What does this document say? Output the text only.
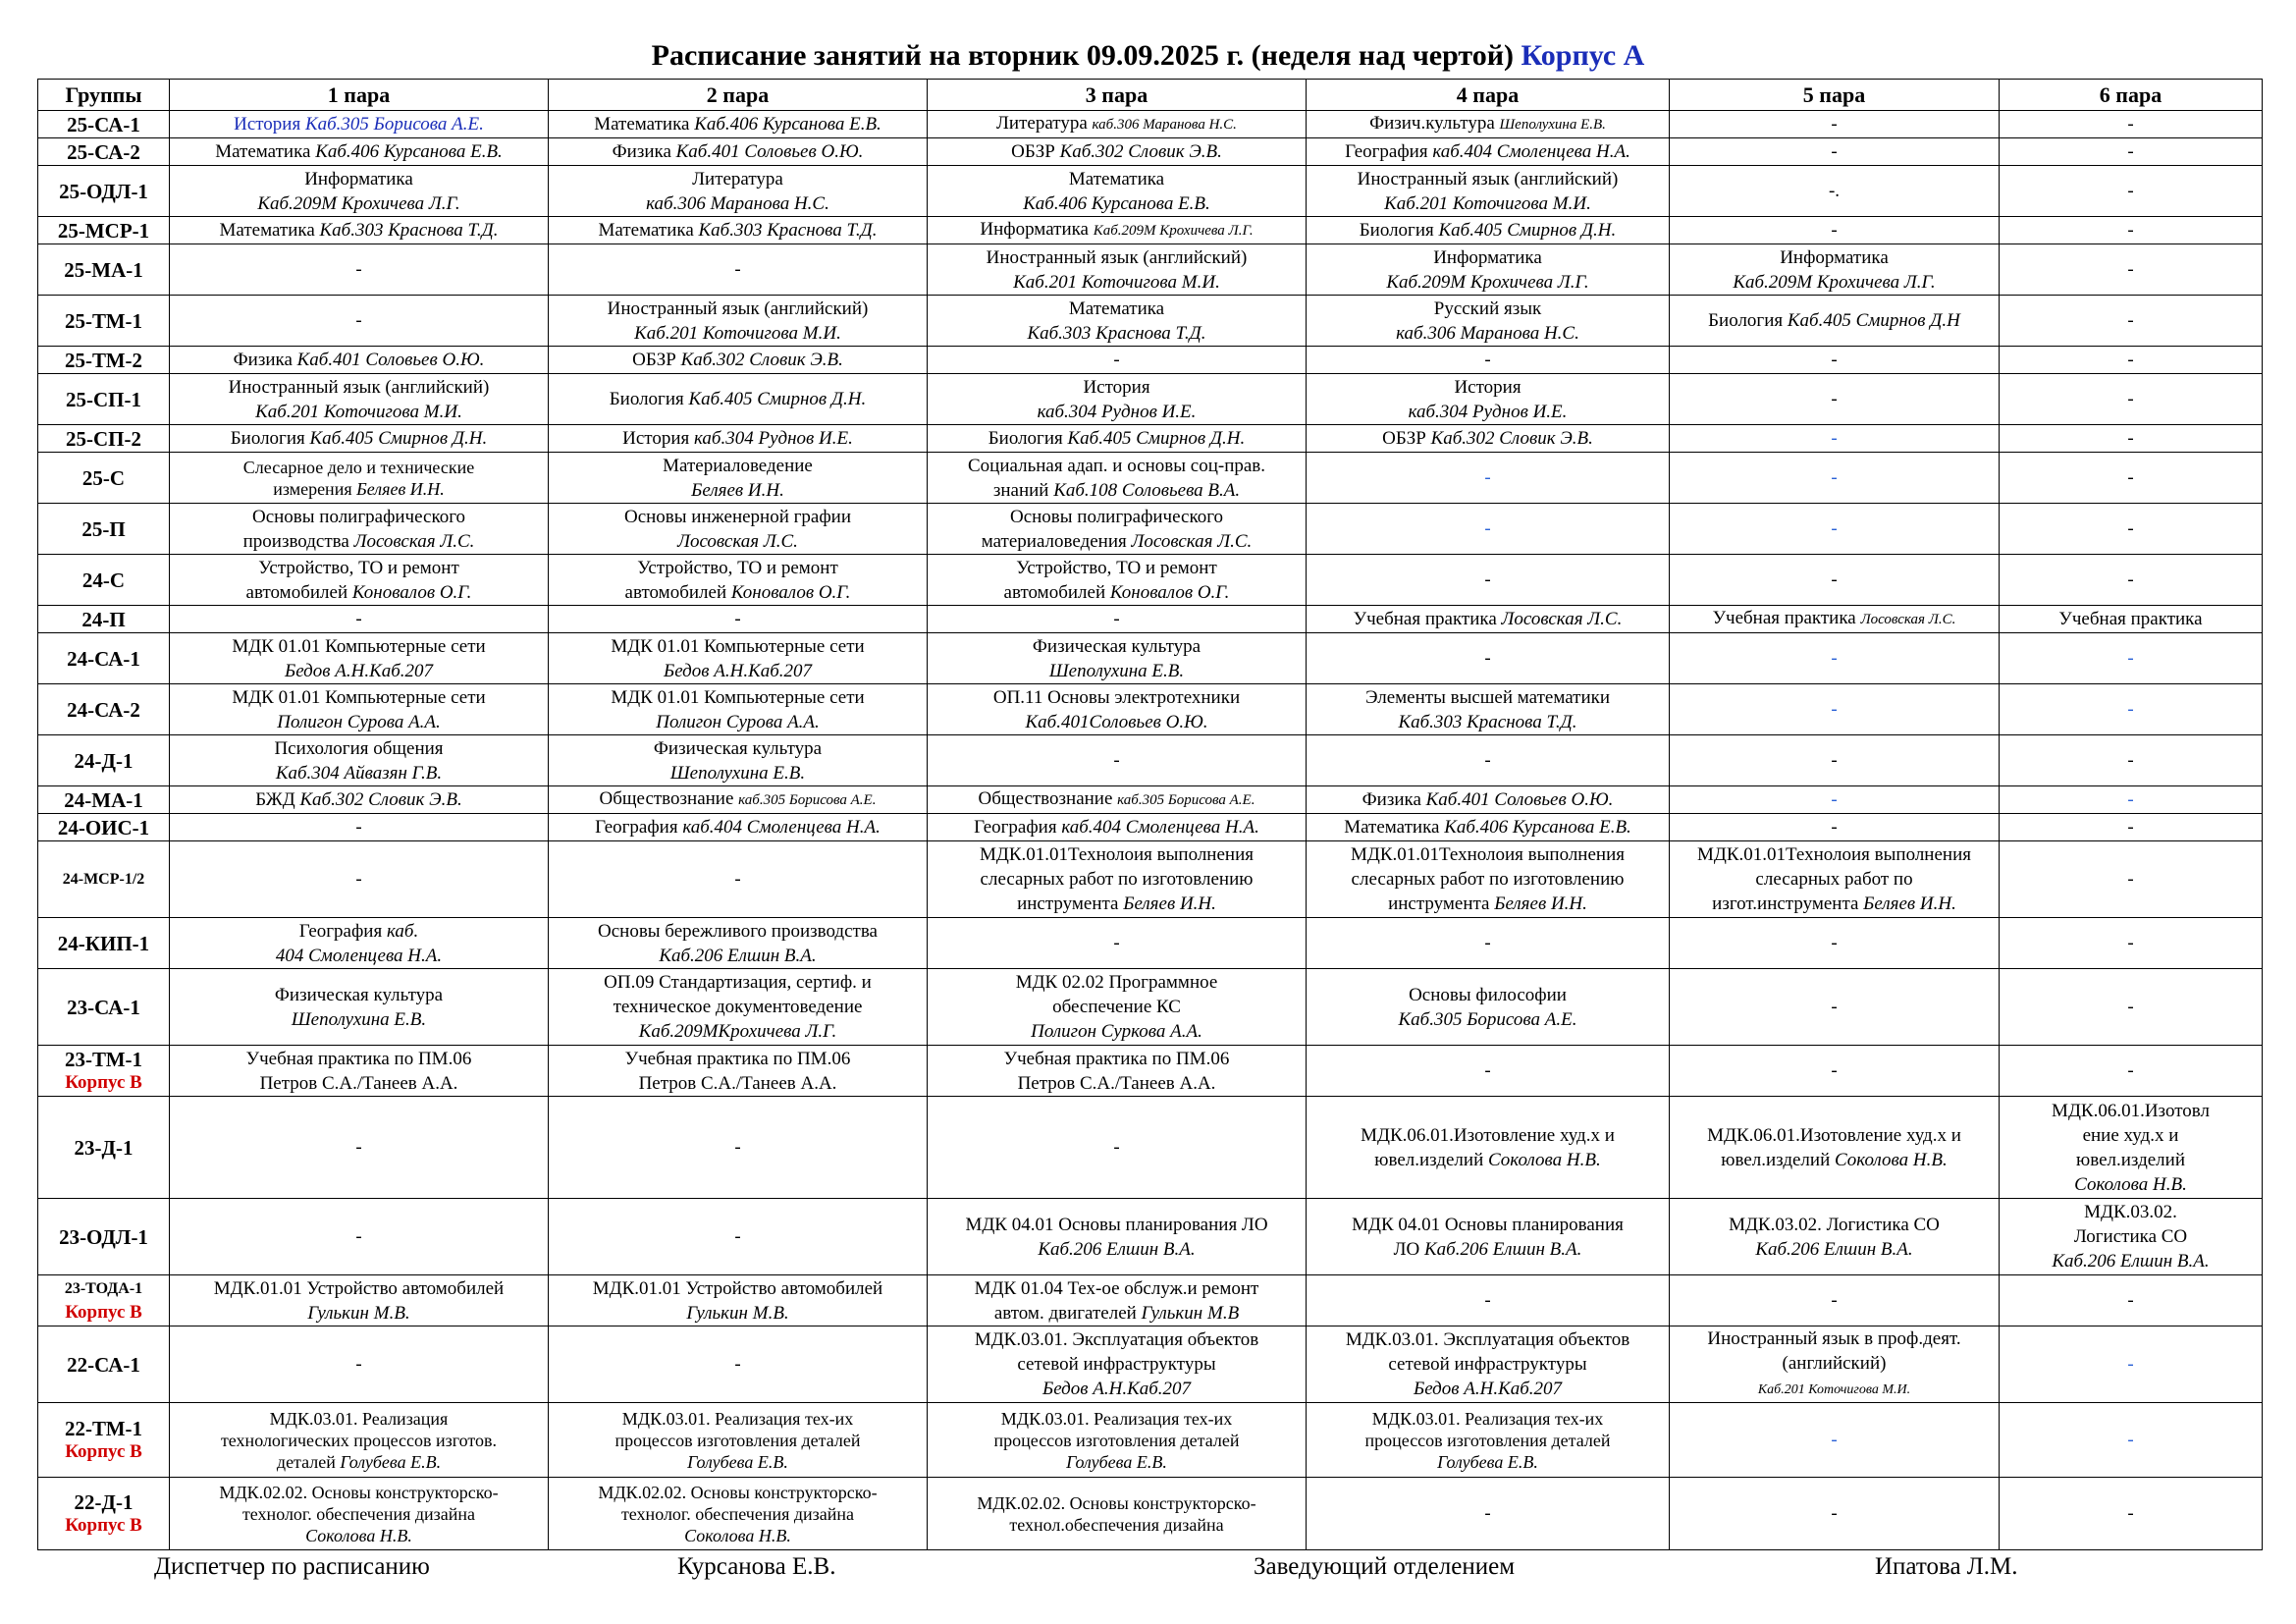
Расписание занятий на вторник 09.09.2025 г. (неделя над чертой) Корпус А
Группы	1 пара	2 пара	3 пара	4 пара	5 пара	6 пара

25-СА-1	История Каб.305 Борисова А.Е.	Математика Каб.406 Курсанова Е.В.	Литература каб.306 Маранова Н.С.	Физич.культура Шеполухина Е.В.	-	-

25-СА-2	Математика Каб.406 Курсанова Е.В.	Физика Каб.401 Соловьев О.Ю.	ОБЗР Каб.302 Словик Э.В.	География каб.404 Смоленцева Н.А.	-	-

25-ОДЛ-1	Информатика
Каб.209М Крохичева Л.Г.	Литература
каб.306 Маранова Н.С.	Математика
Каб.406 Курсанова Е.В.	Иностранный язык (английский)
Каб.201 Коточигова М.И.	-.	-

25-МСР-1	Математика Каб.303 Краснова Т.Д.	Математика Каб.303 Краснова Т.Д.	Информатика Каб.209М Крохичева Л.Г.	Биология Каб.405 Смирнов Д.Н.	-	-

25-МА-1	-	-	Иностранный язык (английский)
Каб.201 Коточигова М.И.	Информатика
Каб.209М Крохичева Л.Г.	Информатика
Каб.209М Крохичева Л.Г.	-

25-ТМ-1	-	Иностранный язык (английский)
Каб.201 Коточигова М.И.	Математика
Каб.303 Краснова Т.Д.	Русский язык
каб.306 Маранова Н.С.	Биология Каб.405 Смирнов Д.Н	-

25-ТМ-2	Физика Каб.401 Соловьев О.Ю.	ОБЗР Каб.302 Словик Э.В.	-	-	-	-

25-СП-1	Иностранный язык (английский)
Каб.201 Коточигова М.И.	Биология Каб.405 Смирнов Д.Н.	История
каб.304 Руднов И.Е.	История
каб.304 Руднов И.Е.	-	-

25-СП-2	Биология Каб.405 Смирнов Д.Н.	История каб.304 Руднов И.Е.	Биология Каб.405 Смирнов Д.Н.	ОБЗР Каб.302 Словик Э.В.	-	-

25-С	Слесарное дело и технические
измерения Беляев И.Н.	Материаловедение
Беляев И.Н.	Социальная адап. и основы соц-прав.
знаний Каб.108 Соловьева В.А.	-	-	-

25-П	Основы полиграфического
производства Лосовская Л.С.	Основы инженерной графии
Лосовская Л.С.	Основы полиграфического
материаловедения Лосовская Л.С.	-	-	-

24-С	Устройство, ТО и ремонт
автомобилей Коновалов О.Г.	Устройство, ТО и ремонт
автомобилей Коновалов О.Г.	Устройство, ТО и ремонт
автомобилей Коновалов О.Г.	-	-	-

24-П	-	-	-	Учебная практика Лосовская Л.С.	Учебная практика Лосовская Л.С.	Учебная практика

24-СА-1	МДК 01.01 Компьютерные сети
Бедов А.Н.Каб.207	МДК 01.01 Компьютерные сети
Бедов А.Н.Каб.207	Физическая культура
Шеполухина Е.В.	-	-	-

24-СА-2	МДК 01.01 Компьютерные сети
Полигон Сурова А.А.	МДК 01.01 Компьютерные сети
Полигон Сурова А.А.	ОП.11 Основы электротехники
Каб.401Соловьев О.Ю.	Элементы высшей математики
Каб.303 Краснова Т.Д.	-	-

24-Д-1	Психология общения
Каб.304 Айвазян Г.В.	Физическая культура
Шеполухина Е.В.	-	-	-	-

24-МА-1	БЖД Каб.302 Словик Э.В.	Обществознание каб.305 Борисова А.Е.	Обществознание каб.305 Борисова А.Е.	Физика Каб.401 Соловьев О.Ю.	-	-

24-ОИС-1	-	География каб.404 Смоленцева Н.А.	География каб.404 Смоленцева Н.А.	Математика Каб.406 Курсанова Е.В.	-	-

24-МСР-1/2	-	-	МДК.01.01Технолоия выполнения
слесарных работ по изготовлению
инструмента Беляев И.Н.	МДК.01.01Технолоия выполнения
слесарных работ по изготовлению
инструмента Беляев И.Н.	МДК.01.01Технолоия выполнения
слесарных работ по
изгот.инструмента Беляев И.Н.	-

24-КИП-1	География каб.
404 Смоленцева Н.А.	Основы бережливого производства
Каб.206 Елшин В.А.	-	-	-	-

23-СА-1	Физическая культура
Шеполухина Е.В.	ОП.09 Стандартизация, сертиф. и
техническое документоведение
Каб.209МКрохичева Л.Г.	МДК 02.02 Программное
обеспечение КС
Полигон Суркова А.А.	Основы философии
Каб.305 Борисова А.Е.	-	-

23-ТМ-1
Корпус В	Учебная практика по ПМ.06
Петров С.А./Танеев А.А.	Учебная практика по ПМ.06
Петров С.А./Танеев А.А.	Учебная практика по ПМ.06
Петров С.А./Танеев А.А.	-	-	-

23-Д-1	-	-	-	МДК.06.01.Изотовление худ.х и
ювел.изделий Соколова Н.В.	МДК.06.01.Изотовление худ.х и
ювел.изделий Соколова Н.В.	МДК.06.01.Изотовл
ение худ.х и
ювел.изделий
Соколова Н.В.

23-ОДЛ-1	-	-	МДК 04.01 Основы планирования ЛО
Каб.206 Елшин В.А.	МДК 04.01 Основы планирования
ЛО Каб.206 Елшин В.А.	МДК.03.02. Логистика СО
Каб.206 Елшин В.А.	МДК.03.02.
Логистика СО
Каб.206 Елшин В.А.

23-ТОДА-1
Корпус В	МДК.01.01 Устройство автомобилей
Гулькин М.В.	МДК.01.01 Устройство автомобилей
Гулькин М.В.	МДК 01.04 Тех-ое обслуж.и ремонт
автом. двигателей Гулькин М.В	-	-	-

22-СА-1	-	-	МДК.03.01. Эксплуатация объектов
сетевой инфраструктуры
Бедов А.Н.Каб.207	МДК.03.01. Эксплуатация объектов
сетевой инфраструктуры
Бедов А.Н.Каб.207	Иностранный язык в проф.деят.
(английский)
Каб.201 Коточигова М.И.	-

22-ТМ-1
Корпус В	МДК.03.01. Реализация
технологических процессов изготов.
деталей Голубева Е.В.	МДК.03.01. Реализация тех-их
процессов изготовления деталей
Голубева Е.В.	МДК.03.01. Реализация тех-их
процессов изготовления деталей
Голубева Е.В.	МДК.03.01. Реализация тех-их
процессов изготовления деталей
Голубева Е.В.	-	-

22-Д-1
Корпус В	МДК.02.02. Основы конструкторско-
технолог. обеспечения дизайна
Соколова Н.В.	МДК.02.02. Основы конструкторско-
технолог. обеспечения дизайна
Соколова Н.В.	МДК.02.02. Основы конструкторско-
технол.обеспечения дизайна	-	-	-
Диспетчер по расписанию	Курсанова Е.В.	Заведующий отделением	Ипатова Л.М.
